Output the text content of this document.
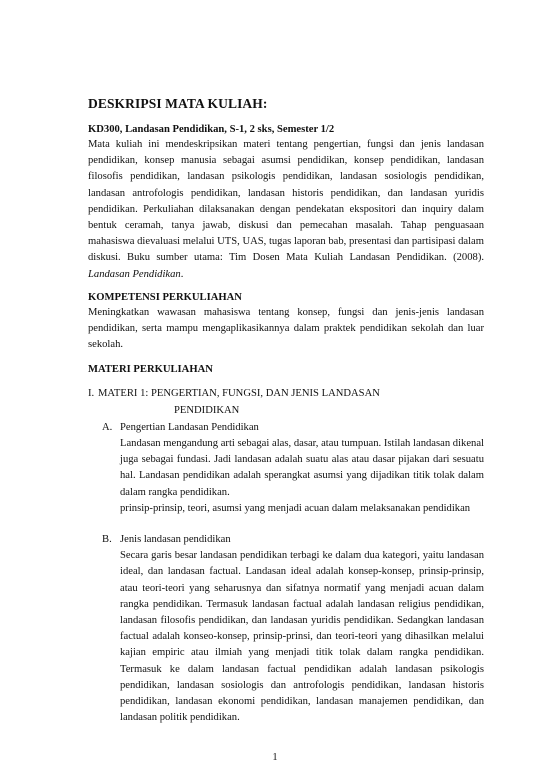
DESKRIPSI MATA KULIAH:
KD300, Landasan Pendidikan, S-1, 2 sks, Semester 1/2

Mata kuliah ini mendeskripsikan materi tentang pengertian, fungsi dan jenis landasan pendidikan, konsep manusia sebagai asumsi pendidikan, konsep pendidikan, landasan filosofis pendidikan, landasan psikologis pendidikan, landasan sosiologis pendidikan, landasan antrofologis pendidikan, landasan historis pendidikan, dan landasan yuridis pendidikan. Perkuliahan dilaksanakan dengan pendekatan ekspositori dan inquiry dalam bentuk ceramah, tanya jawab, diskusi dan pemecahan masalah. Tahap penguasaan mahasiswa dievaluasi melalui UTS, UAS, tugas laporan bab, presentasi dan partisipasi dalam diskusi. Buku sumber utama: Tim Dosen Mata Kuliah Landasan Pendidikan. (2008). Landasan Pendidikan.

KOMPETENSI PERKULIAHAN

Meningkatkan wawasan mahasiswa tentang konsep, fungsi dan jenis-jenis landasan pendidikan, serta mampu mengaplikasikannya dalam praktek pendidikan sekolah dan luar sekolah.

MATERI PERKULIAHAN
I. MATERI 1: PENGERTIAN, FUNGSI, DAN JENIS LANDASAN
PENDIDIKAN
A. Pengertian Landasan Pendidikan

Landasan mengandung arti sebagai alas, dasar, atau tumpuan. Istilah landasan dikenal juga sebagai fundasi. Jadi landasan adalah suatu alas atau dasar pijakan dari sesuatu hal. Landasan pendidikan adalah sperangkat asumsi yang dijadikan titik tolak dalam dalam rangka pendidikan.

prinsip-prinsip, teori, asumsi yang menjadi acuan dalam melaksanakan pendidikan

B. Jenis landasan pendidikan

Secara garis besar landasan pendidikan terbagi ke dalam dua kategori, yaitu landasan ideal, dan landasan factual. Landasan ideal adalah konsep-konsep, prinsip-prinsip, atau teori-teori yang seharusnya dan sifatnya normatif yang menjadi acuan dalam rangka pendidikan. Termasuk landasan factual adalah landasan religius pendidikan, landasan filosofis pendidikan, dan landasan yuridis pendidikan. Sedangkan landasan factual adalah konseo-konsep, prinsip-prinsi, dan teori-teori yang dihasilkan melalui kajian empiric atau ilmiah yang menjadi titik tolak dalam rangka pendidikan. Termasuk ke dalam landasan factual pendidikan adalah landasan psikologis pendidikan, landasan sosiologis dan antrofologis pendidikan, landasan historis pendidikan, landasan ekonomi pendidikan, landasan manajemen pendidikan, dan landasan politik pendidikan.

1
